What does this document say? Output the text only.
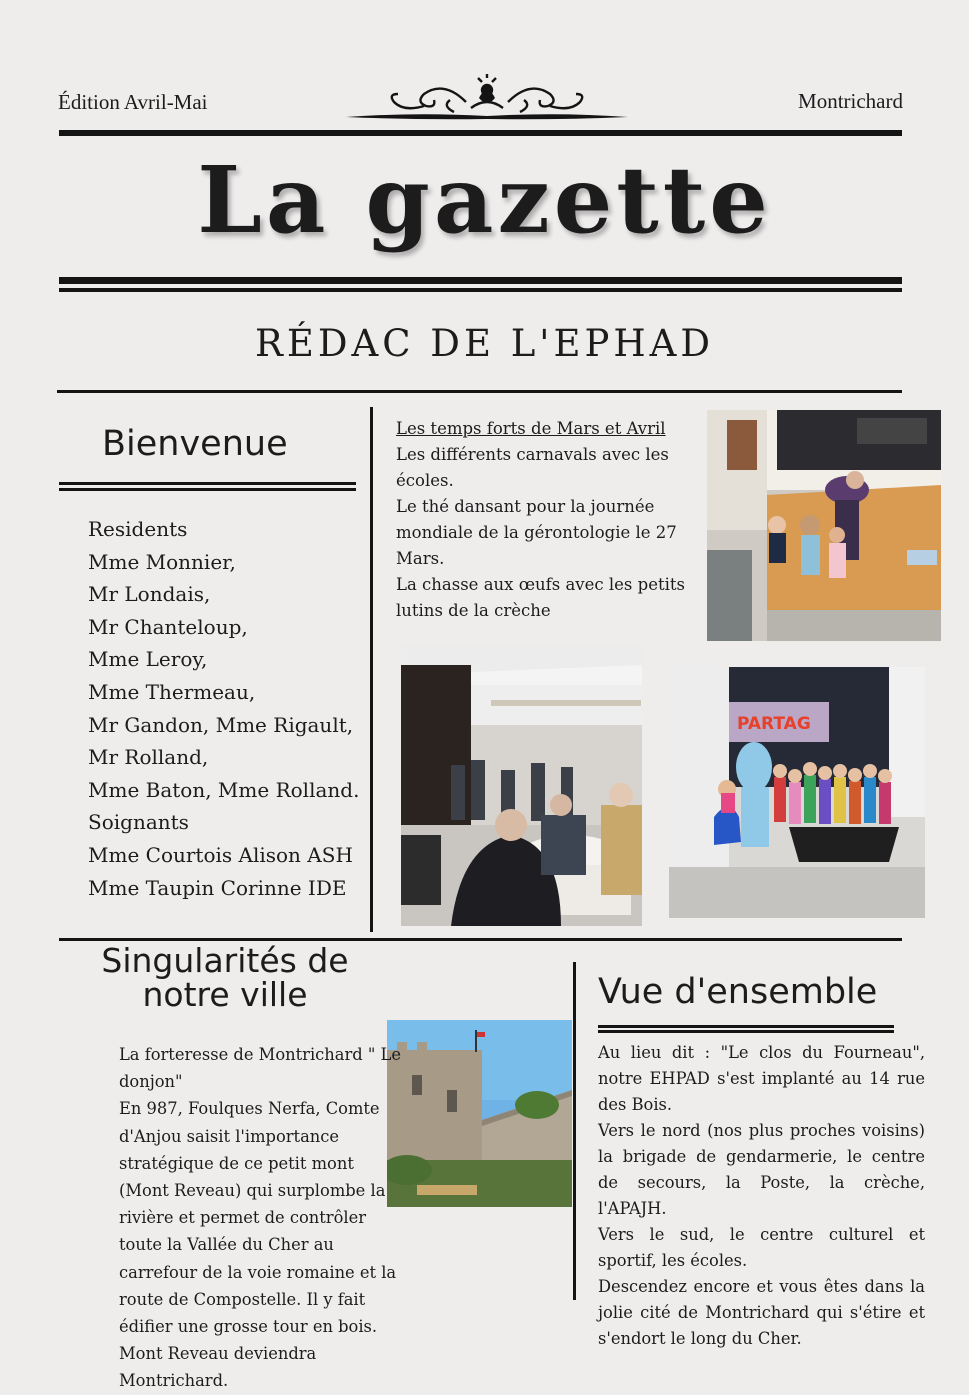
Édition Avril-Mai	Montrichard
La gazette
RÉDAC DE L'EPHAD
Bienvenue
Residents
Mme Monnier,
Mr Londais,
Mr Chanteloup,
Mme Leroy,
Mme Thermeau,
Mr Gandon, Mme Rigault,
Mr Rolland,
Mme Baton, Mme Rolland.
Soignants
Mme Courtois Alison ASH
Mme Taupin Corinne IDE
Les temps forts de Mars et Avril

Les différents carnavals avec les écoles.

Le thé dansant pour la journée mondiale de la gérontologie le 27 Mars.

La chasse aux œufs avec les petits lutins de la crèche

PARTAG
Singularités de
notre ville

La forteresse de Montrichard " Le donjon"

En 987, Foulques Nerfa, Comte d'Anjou saisit l'importance stratégique de ce petit mont (Mont Reveau) qui surplombe la rivière et permet de contrôler toute la Vallée du Cher au carrefour de la voie romaine et la route de Compostelle. Il y fait édifier une grosse tour en bois. Mont Reveau deviendra Montrichard.

Vue d'ensemble

Au lieu dit : "Le clos du Fourneau", notre EHPAD s'est implanté au 14 rue des Bois.

Vers le nord (nos plus proches voisins) la brigade de gendarmerie, le centre de secours, la Poste, la crèche, l'APAJH.

Vers le sud, le centre culturel et sportif, les écoles.

Descendez encore et vous êtes dans la jolie cité de Montrichard qui s'étire et s'endort le long du Cher.
